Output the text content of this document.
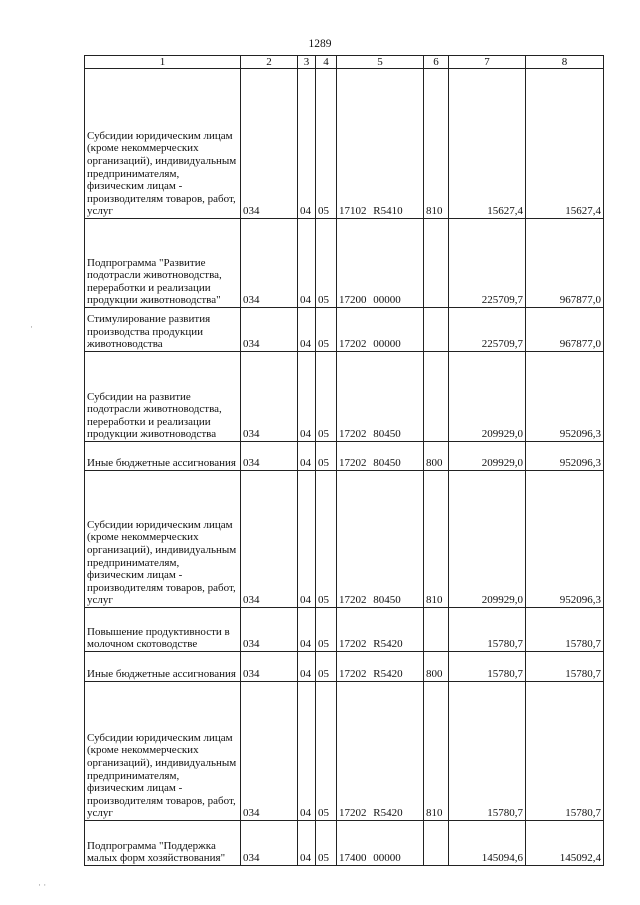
1289
1	2	3	4	5	6	7	8
Субсидии юридическим лицам (кроме некоммерческих организаций), индивидуальным предпринимателям, физическим лицам - производителям товаров, работ, услуг	034	04	05	17102 R5410	810	15627,4	15627,4
Подпрограмма "Развитие подотрасли животноводства, переработки и реализации продукции животноводства"	034	04	05	17200 00000		225709,7	967877,0
Стимулирование развития производства продукции животноводства	034	04	05	17202 00000		225709,7	967877,0
Субсидии на развитие подотрасли животноводства, переработки и реализации продукции животноводства	034	04	05	17202 80450		209929,0	952096,3
Иные бюджетные ассигнования	034	04	05	17202 80450	800	209929,0	952096,3
Субсидии юридическим лицам (кроме некоммерческих организаций), индивидуальным предпринимателям, физическим лицам - производителям товаров, работ, услуг	034	04	05	17202 80450	810	209929,0	952096,3
Повышение продуктивности в молочном скотоводстве	034	04	05	17202 R5420		15780,7	15780,7
Иные бюджетные ассигнования	034	04	05	17202 R5420	800	15780,7	15780,7
Субсидии юридическим лицам (кроме некоммерческих организаций), индивидуальным предпринимателям, физическим лицам - производителям товаров, работ, услуг	034	04	05	17202 R5420	810	15780,7	15780,7
Подпрограмма "Поддержка малых форм хозяйствования"	034	04	05	17400 00000		145094,6	145092,4
· ·
·
